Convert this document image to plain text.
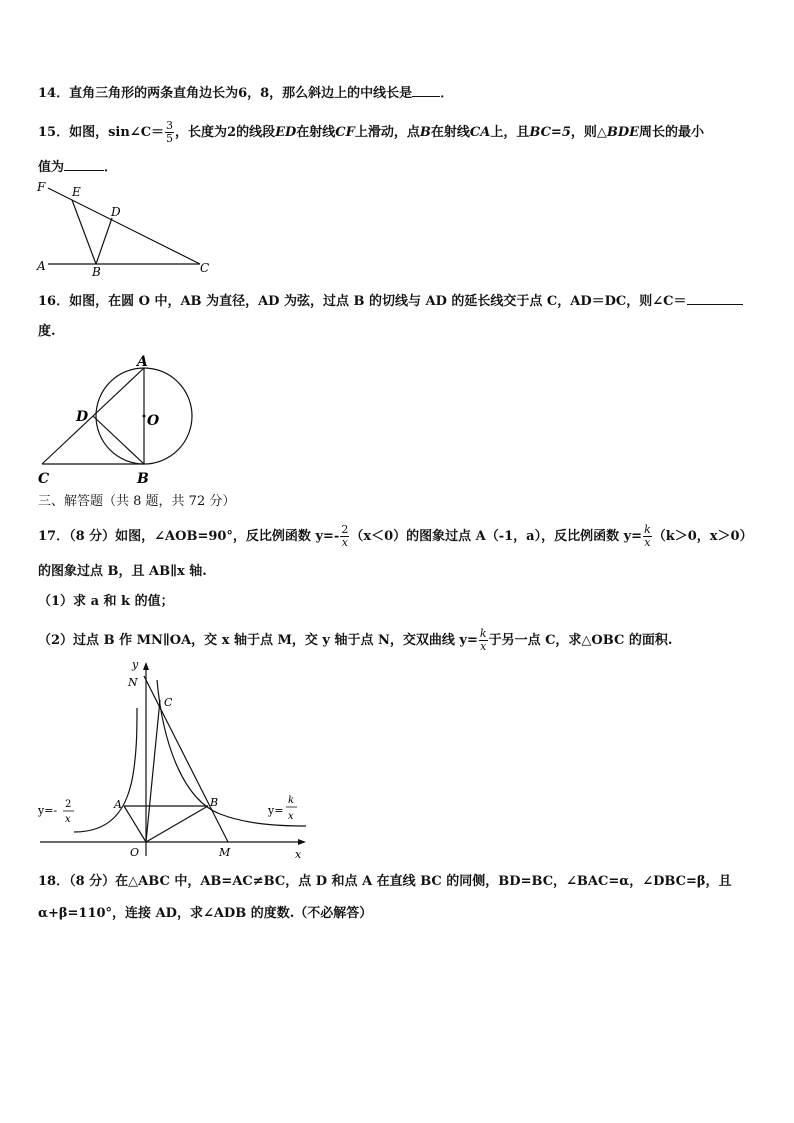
14．直角三角形的两条直角边长为6，8，那么斜边上的中线长是 ．
15．如图，sin∠C＝ $\frac{3}{5}$ ，长度为2的线段ED在射线CF上滑动，点B在射线CA上，且BC=5，则△BDE周长的最小
值为	．
F E
D
A	B	C
16．如图，在圆 O 中，AB 为直径，AD 为弦，过点 B 的切线与 AD 的延长线交于点 C，AD＝DC，则∠C＝
度.
A
D	O
C	B
三、解答题（共 8 题，共 72 分）
17．（8 分）如图，∠AOB=90°，反比例函数 $y=- \frac{2}{x} (x<0)$的图象过点 A（-1，a），反比例函数 $y= \frac{k}{x} (k>0$，x＞0）
的图象过点 B，且 AB∥x 轴.
（1）求 a 和 k 的值；
（2）过点 B 作 MN∥OA，交 x 轴于点 M，交 y 轴于点 N，交双曲线 $y= \frac{k}{x}$ 于另一点 C，求△OBC 的面积.
y
N
C
A	B
O	M	x
y=- 2
x
y=
k
x
18．（8 分）在△ABC 中，AB=AC≠BC，点 D 和点 A 在直线 BC 的同侧，BD=BC，∠BAC=α，∠DBC=β，且
α+β=110°，连接 AD，求∠ADB 的度数.（不必解答）
